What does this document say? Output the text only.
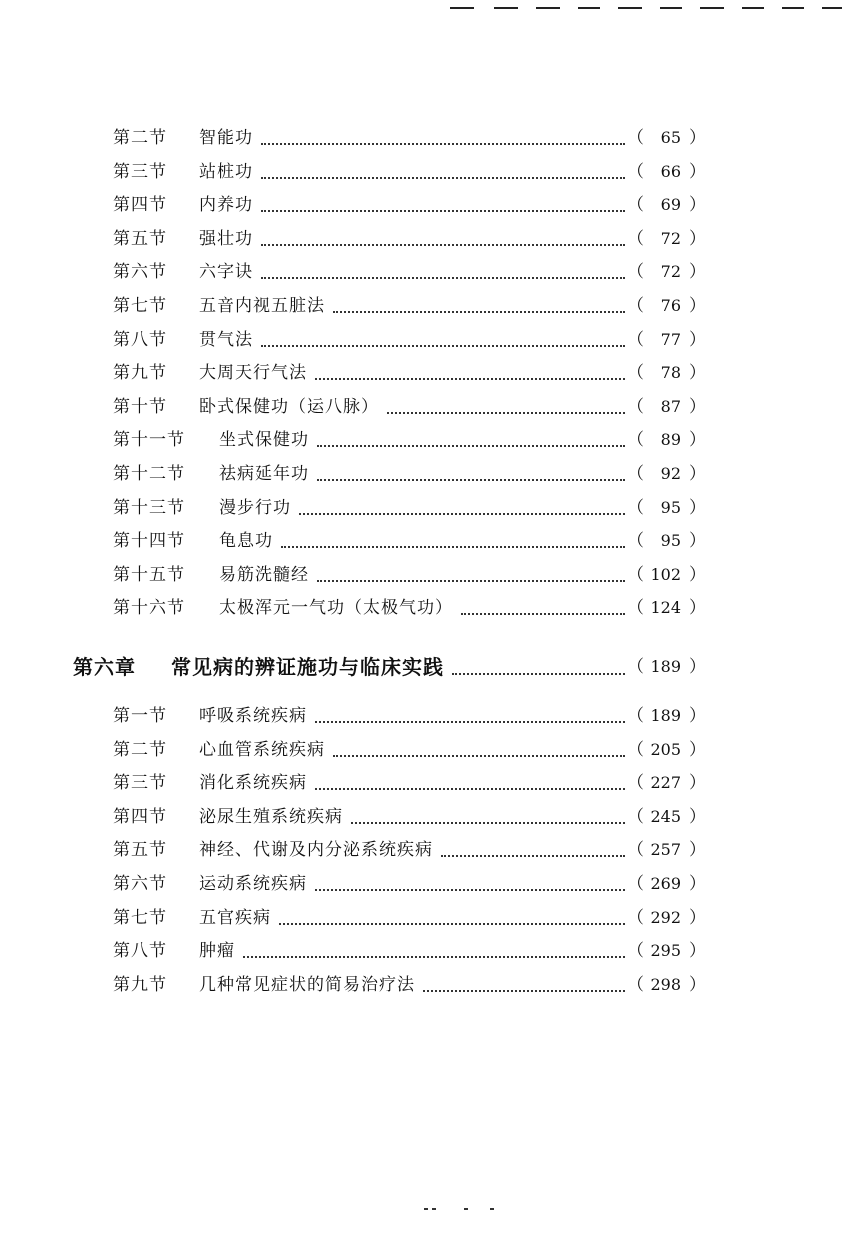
第二节 智能功	（	65 ）
第三节 站桩功	（	66 ）
第四节 内养功	（	69 ）
第五节 强壮功	（	72 ）
第六节 六字诀	（	72 ）
第七节 五音内视五脏法	（	76 ）
第八节 贯气法	（	77 ）
第九节 大周天行气法	（	78 ）
第十节 卧式保健功（运八脉）	（	87 ）
第十一节 坐式保健功	（	89 ）
第十二节 祛病延年功	（	92 ）
第十三节 漫步行功	（	95 ）
第十四节 龟息功	（	95 ）
第十五节 易筋洗髓经	（ 102 ）
第十六节 太极浑元一气功（太极气功）	（ 124 ）
第六章 常见病的辨证施功与临床实践	（ 189 ）
第一节 呼吸系统疾病	（ 189 ）
第二节 心血管系统疾病	（ 205 ）
第三节 消化系统疾病	（ 227 ）
第四节 泌尿生殖系统疾病	（ 245 ）
第五节 神经、代谢及内分泌系统疾病	（ 257 ）
第六节 运动系统疾病	（ 269 ）
第七节 五官疾病	（ 292 ）
第八节 肿瘤	（ 295 ）
第九节 几种常见症状的简易治疗法	（ 298 ）
